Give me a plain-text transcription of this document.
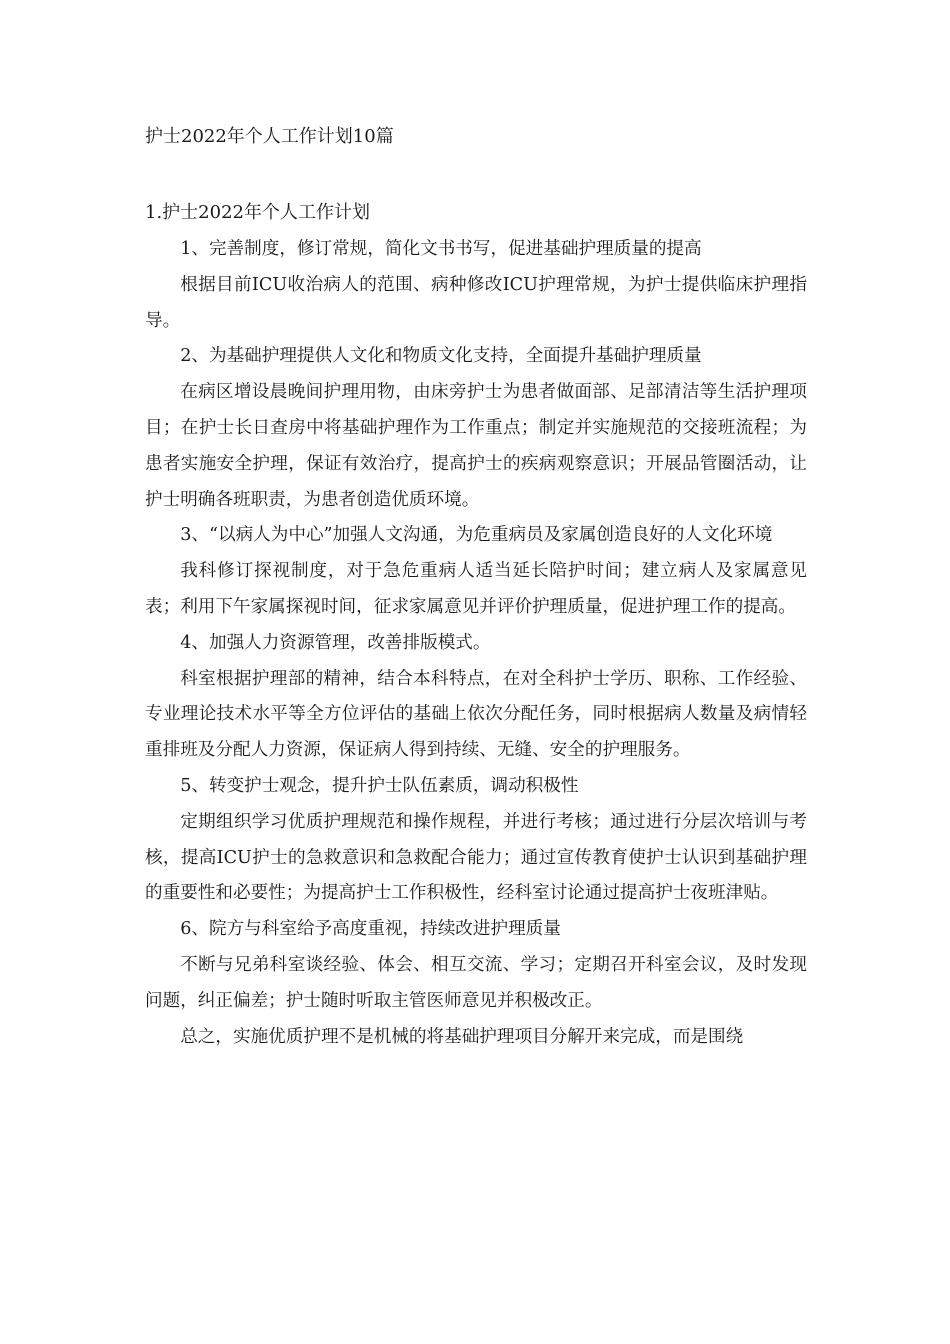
护士2022年个人工作计划10篇
1.护士2022年个人工作计划

1、完善制度，修订常规，简化文书书写，促进基础护理质量的提高

根据目前ICU收治病人的范围、病种修改ICU护理常规，为护士提供临床护理指导。

2、为基础护理提供人文化和物质文化支持，全面提升基础护理质量

在病区增设晨晚间护理用物，由床旁护士为患者做面部、足部清洁等生活护理项目；在护士长日查房中将基础护理作为工作重点；制定并实施规范的交接班流程；为患者实施安全护理，保证有效治疗，提高护士的疾病观察意识；开展品管圈活动，让护士明确各班职责，为患者创造优质环境。

3、“以病人为中心”加强人文沟通，为危重病员及家属创造良好的人文化环境

我科修订探视制度，对于急危重病人适当延长陪护时间；建立病人及家属意见表；利用下午家属探视时间，征求家属意见并评价护理质量，促进护理工作的提高。

4、加强人力资源管理，改善排版模式。

科室根据护理部的精神，结合本科特点，在对全科护士学历、职称、工作经验、专业理论技术水平等全方位评估的基础上依次分配任务，同时根据病人数量及病情轻重排班及分配人力资源，保证病人得到持续、无缝、安全的护理服务。

5、转变护士观念，提升护士队伍素质，调动积极性

定期组织学习优质护理规范和操作规程，并进行考核；通过进行分层次培训与考核，提高ICU护士的急救意识和急救配合能力；通过宣传教育使护士认识到基础护理的重要性和必要性；为提高护士工作积极性，经科室讨论通过提高护士夜班津贴。

6、院方与科室给予高度重视，持续改进护理质量

不断与兄弟科室谈经验、体会、相互交流、学习；定期召开科室会议，及时发现问题，纠正偏差；护士随时听取主管医师意见并积极改正。

总之，实施优质护理不是机械的将基础护理项目分解开来完成，而是围绕
